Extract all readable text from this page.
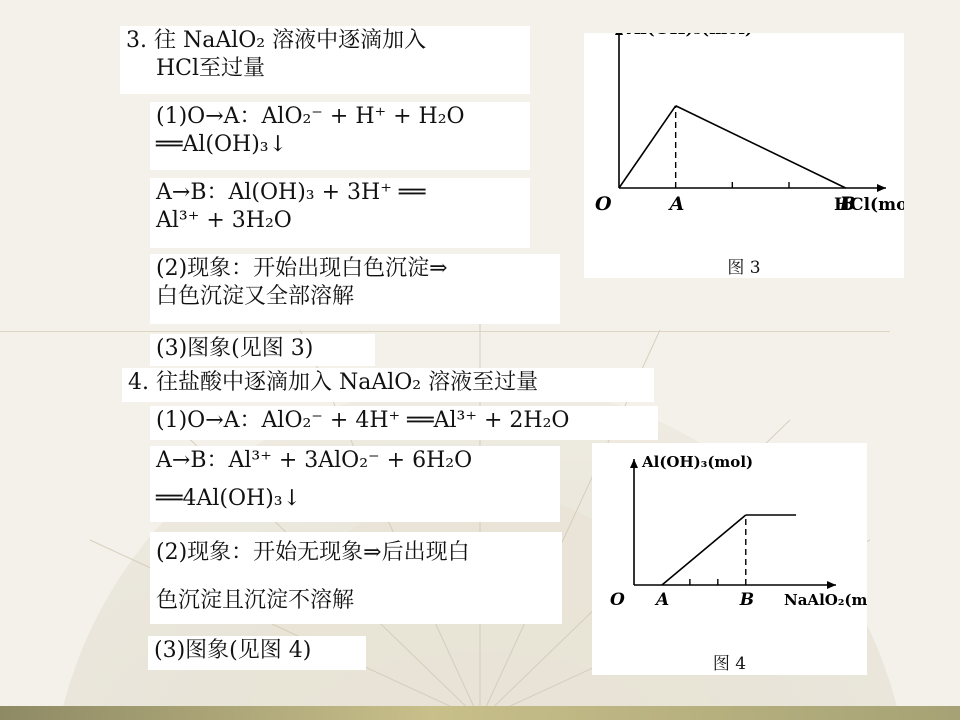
3. 往 NaAlO₂ 溶液中逐滴加入
HCl至过量
(1)O→A：AlO₂⁻ + H⁺ + H₂O
══Al(OH)₃↓
A→B：Al(OH)₃ + 3H⁺ ══
Al³⁺ + 3H₂O
(2)现象：开始出现白色沉淀⇒
白色沉淀又全部溶解
(3)图象(见图 3)
HCl(mo
O	A	B
图 3
4. 往盐酸中逐滴加入 NaAlO₂ 溶液至过量
(1)O→A：AlO₂⁻ + 4H⁺ ══Al³⁺ + 2H₂O
A→B：Al³⁺ + 3AlO₂⁻ + 6H₂O
══4Al(OH)₃↓
(2)现象：开始无现象⇒后出现白
色沉淀且沉淀不溶解
(3)图象(见图 4)
Al(OH)₃(mol)
NaAlO₂(m
O A	B
图 4
